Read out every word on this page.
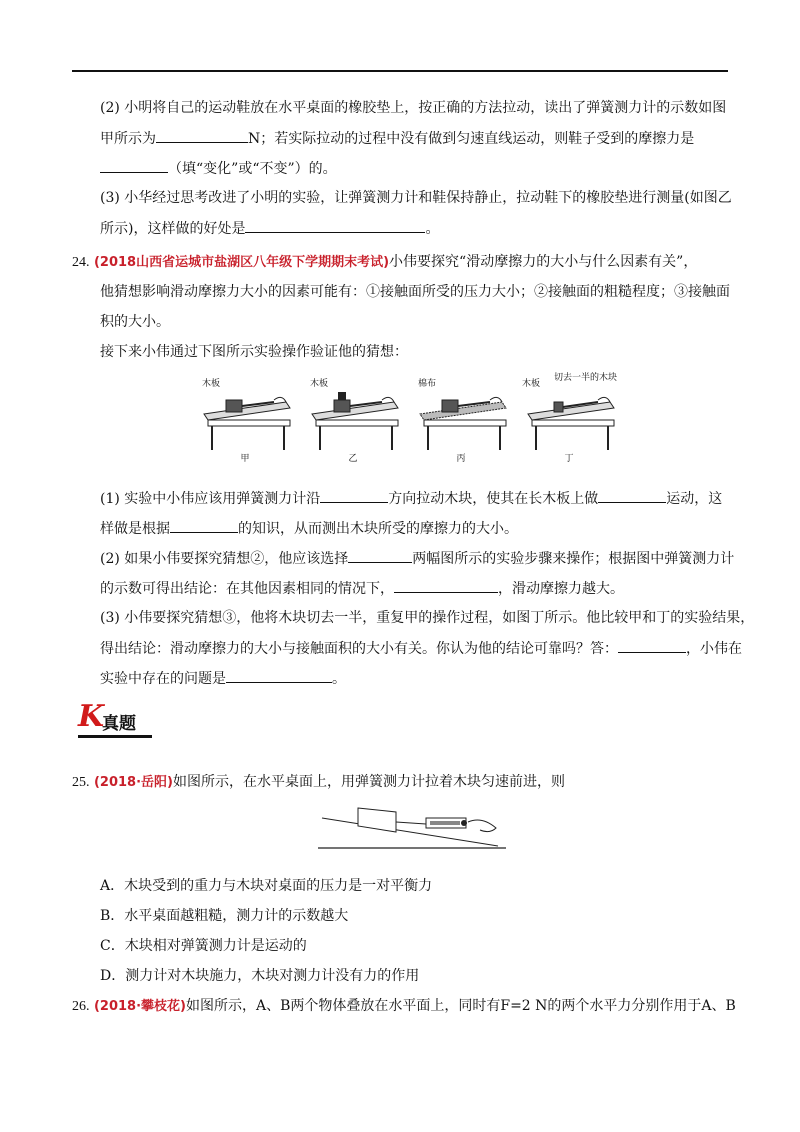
(2) 小明将自己的运动鞋放在水平桌面的橡胶垫上，按正确的方法拉动，读出了弹簧测力计的示数如图
甲所示为	N；若实际拉动的过程中没有做到匀速直线运动，则鞋子受到的摩擦力是
（填“变化”或“不变”）的。
(3) 小华经过思考改进了小明的实验，让弹簧测力计和鞋保持静止，拉动鞋下的橡胶垫进行测量(如图乙
所示)，这样做的好处是	。
24. (2018山西省运城市盐湖区八年级下学期期末考试)小伟要探究“滑动摩擦力的大小与什么因素有关”，
他猜想影响滑动摩擦力大小的因素可能有：①接触面所受的压力大小；②接触面的粗糙程度；③接触面
积的大小。
接下来小伟通过下图所示实验操作验证他的猜想：
木板
甲
木板
乙
棉布
丙
木板
切去一半的木块
丁
(1) 实验中小伟应该用弹簧测力计沿	方向拉动木块，使其在长木板上做	运动，这
样做是根据	的知识，从而测出木块所受的摩擦力的大小。
(2) 如果小伟要探究猜想②，他应该选择	两幅图所示的实验步骤来操作；根据图中弹簧测力计
的示数可得出结论：在其他因素相同的情况下，	，滑动摩擦力越大。
(3) 小伟要探究猜想③，他将木块切去一半，重复甲的操作过程，如图丁所示。他比较甲和丁的实验结果，
得出结论：滑动摩擦力的大小与接触面积的大小有关。你认为他的结论可靠吗？答：	，小伟在
实验中存在的问题是	。
K
真题
25. (2018·岳阳)如图所示，在水平桌面上，用弹簧测力计拉着木块匀速前进，则
A．木块受到的重力与木块对桌面的压力是一对平衡力
B．水平桌面越粗糙，测力计的示数越大
C．木块相对弹簧测力计是运动的
D．测力计对木块施力，木块对测力计没有力的作用
26. (2018·攀枝花)如图所示，A、B两个物体叠放在水平面上，同时有F=2 N的两个水平力分别作用于A、B
